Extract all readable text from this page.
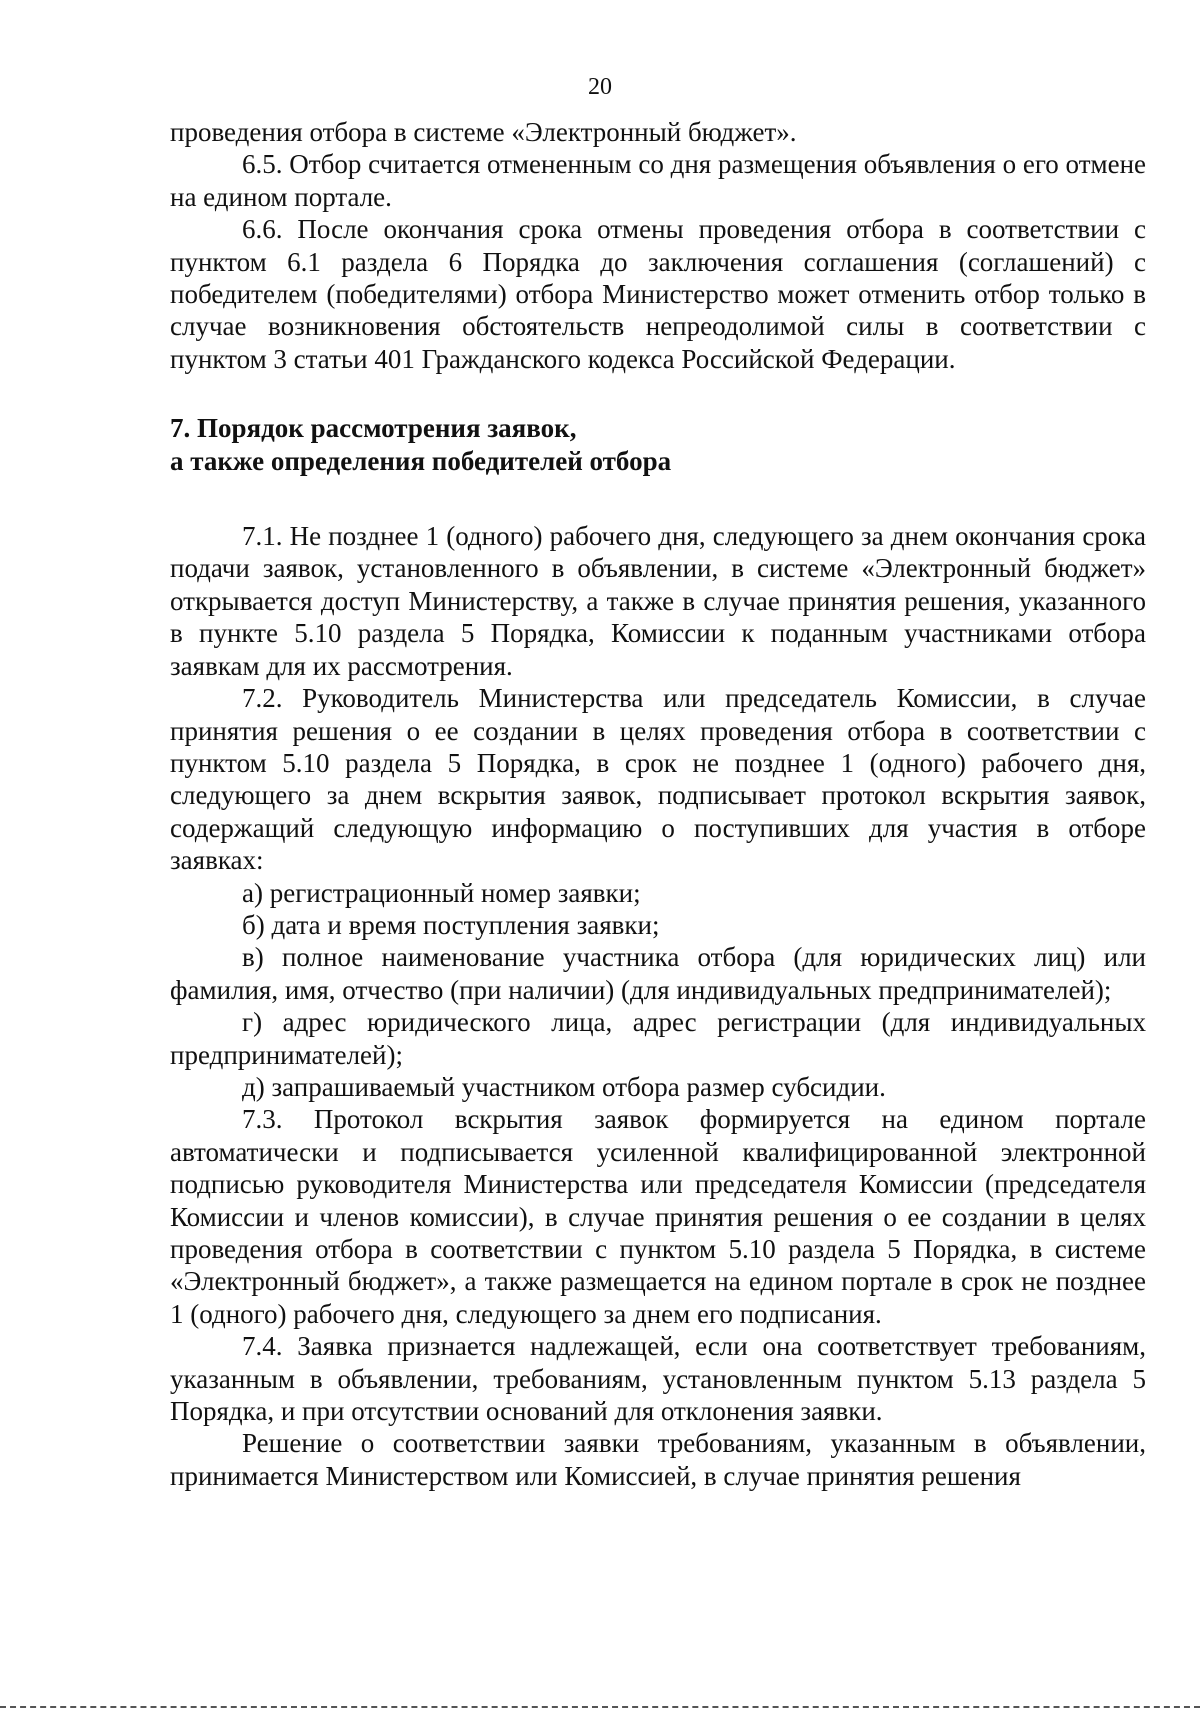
20

проведения отбора в системе «Электронный бюджет».

6.5. Отбор считается отмененным со дня размещения объявления о его отмене на едином портале.

6.6. После окончания срока отмены проведения отбора в соответствии с пунктом 6.1 раздела 6 Порядка до заключения соглашения (соглашений) с победителем (победителями) отбора Министерство может отменить отбор только в случае возникновения обстоятельств непреодолимой силы в соответствии с пунктом 3 статьи 401 Гражданского кодекса Российской Федерации.

7. Порядок рассмотрения заявок,

а также определения победителей отбора

7.1. Не позднее 1 (одного) рабочего дня, следующего за днем окончания срока подачи заявок, установленного в объявлении, в системе «Электронный бюджет» открывается доступ Министерству, а также в случае принятия решения, указанного в пункте 5.10 раздела 5 Порядка, Комиссии к поданным участниками отбора заявкам для их рассмотрения.

7.2. Руководитель Министерства или председатель Комиссии, в случае принятия решения о ее создании в целях проведения отбора в соответствии с пунктом 5.10 раздела 5 Порядка, в срок не позднее 1 (одного) рабочего дня, следующего за днем вскрытия заявок, подписывает протокол вскрытия заявок, содержащий следующую информацию о поступивших для участия в отборе заявках:

а) регистрационный номер заявки;

б) дата и время поступления заявки;

в) полное наименование участника отбора (для юридических лиц) или фамилия, имя, отчество (при наличии) (для индивидуальных предпринимателей);

г) адрес юридического лица, адрес регистрации (для индивидуальных предпринимателей);

д) запрашиваемый участником отбора размер субсидии.

7.3. Протокол вскрытия заявок формируется на едином портале автоматически и подписывается усиленной квалифицированной электронной подписью руководителя Министерства или председателя Комиссии (председателя Комиссии и членов комиссии), в случае принятия решения о ее создании в целях проведения отбора в соответствии с пунктом 5.10 раздела 5 Порядка, в системе «Электронный бюджет», а также размещается на едином портале в срок не позднее 1 (одного) рабочего дня, следующего за днем его подписания.

7.4. Заявка признается надлежащей, если она соответствует требованиям, указанным в объявлении, требованиям, установленным пунктом 5.13 раздела 5 Порядка, и при отсутствии оснований для отклонения заявки.

Решение о соответствии заявки требованиям, указанным в объявлении, принимается Министерством или Комиссией, в случае принятия решения
